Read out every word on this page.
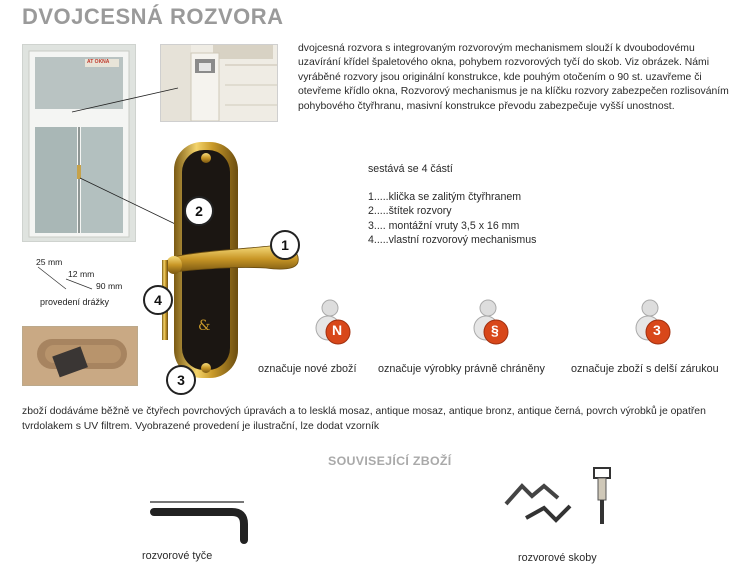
DVOJCESNÁ ROZVORA
AT OKNA
&
2
1
4
3
25 mm
12 mm
90 mm
provedení drážky
dvojcesná rozvora s integrovaným rozvorovým mechanismem slouží k dvoubodovému uzavírání křídel špaletového okna, pohybem rozvorových tyčí do skob. Viz obrázek. Námi vyráběné rozvory jsou originální konstrukce, kde pouhým otočením o 90 st. uzavřeme či otevřeme křídlo okna, Rozvorový mechanismus je na klíčku rozvory zabezpečen rozlisováním pohybového čtyřhranu, masivní konstrukce převodu zabezpečuje vyšší unostnost.
sestává se 4 částí
1.....klička se zalitým čtyřhranem
2.....štítek rozvory
3.... montážní vruty 3,5 x 16 mm
4.....vlastní rozvorový mechanismus
N
označuje nové zboží
§
označuje výrobky právně chráněny
3
označuje zboží s delší zárukou
zboží dodáváme běžně ve čtyřech povrchových úpravách a to lesklá mosaz, antique mosaz, antique bronz, antique černá, povrch výrobků je opatřen tvrdolakem s UV filtrem. Vyobrazené provedení je ilustrační, lze dodat vzorník
SOUVISEJÍCÍ ZBOŽÍ
rozvorové tyče	rozvorové skoby
